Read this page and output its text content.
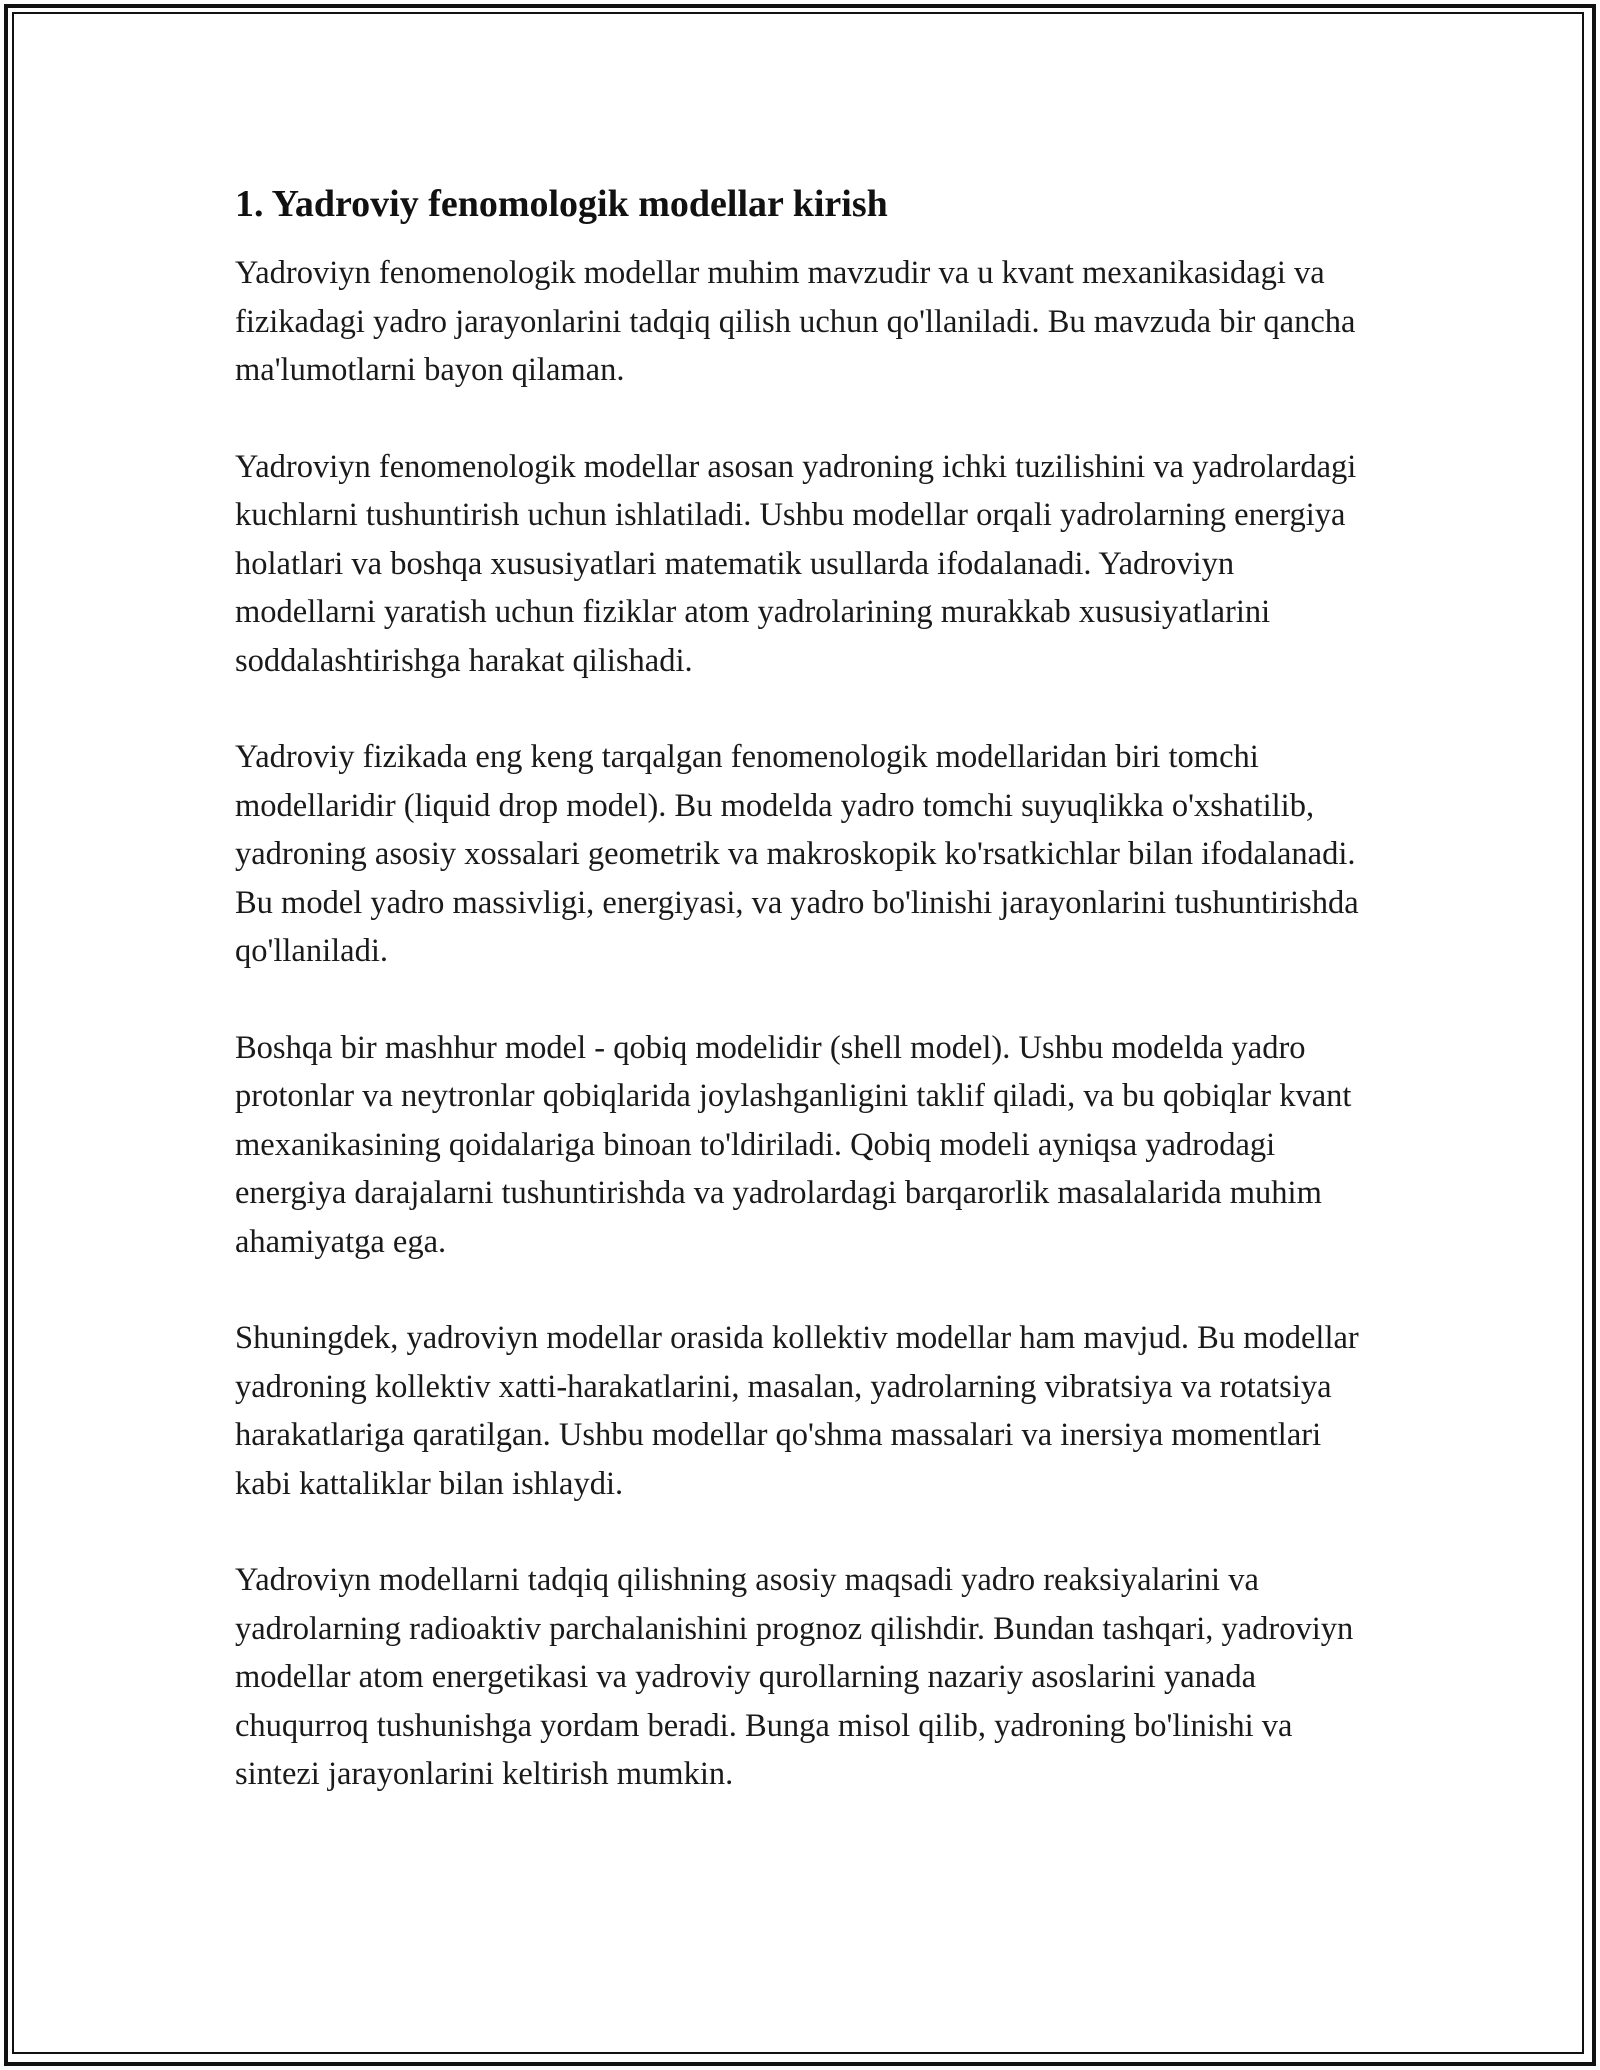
1. Yadroviy fenomologik modellar kirish

Yadroviyn fenomenologik modellar muhim mavzudir va u kvant mexanikasidagi va fizikadagi yadro jarayonlarini tadqiq qilish uchun qo'llaniladi. Bu mavzuda bir qancha ma'lumotlarni bayon qilaman.

Yadroviyn fenomenologik modellar asosan yadroning ichki tuzilishini va yadrolardagi kuchlarni tushuntirish uchun ishlatiladi. Ushbu modellar orqali yadrolarning energiya holatlari va boshqa xususiyatlari matematik usullarda ifodalanadi. Yadroviyn modellarni yaratish uchun fiziklar atom yadrolarining murakkab xususiyatlarini soddalashtirishga harakat qilishadi.

Yadroviy fizikada eng keng tarqalgan fenomenologik modellaridan biri tomchi modellaridir (liquid drop model). Bu modelda yadro tomchi suyuqlikka o'xshatilib, yadroning asosiy xossalari geometrik va makroskopik ko'rsatkichlar bilan ifodalanadi. Bu model yadro massivligi, energiyasi, va yadro bo'linishi jarayonlarini tushuntirishda qo'llaniladi.

Boshqa bir mashhur model - qobiq modelidir (shell model). Ushbu modelda yadro protonlar va neytronlar qobiqlarida joylashganligini taklif qiladi, va bu qobiqlar kvant mexanikasining qoidalariga binoan to'ldiriladi. Qobiq modeli ayniqsa yadrodagi energiya darajalarni tushuntirishda va yadrolardagi barqarorlik masalalarida muhim ahamiyatga ega.

Shuningdek, yadroviyn modellar orasida kollektiv modellar ham mavjud. Bu modellar yadroning kollektiv xatti-harakatlarini, masalan, yadrolarning vibratsiya va rotatsiya harakatlariga qaratilgan. Ushbu modellar qo'shma massalari va inersiya momentlari kabi kattaliklar bilan ishlaydi.

Yadroviyn modellarni tadqiq qilishning asosiy maqsadi yadro reaksiyalarini va yadrolarning radioaktiv parchalanishini prognoz qilishdir. Bundan tashqari, yadroviyn modellar atom energetikasi va yadroviy qurollarning nazariy asoslarini yanada chuqurroq tushunishga yordam beradi. Bunga misol qilib, yadroning bo'linishi va sintezi jarayonlarini keltirish mumkin.
